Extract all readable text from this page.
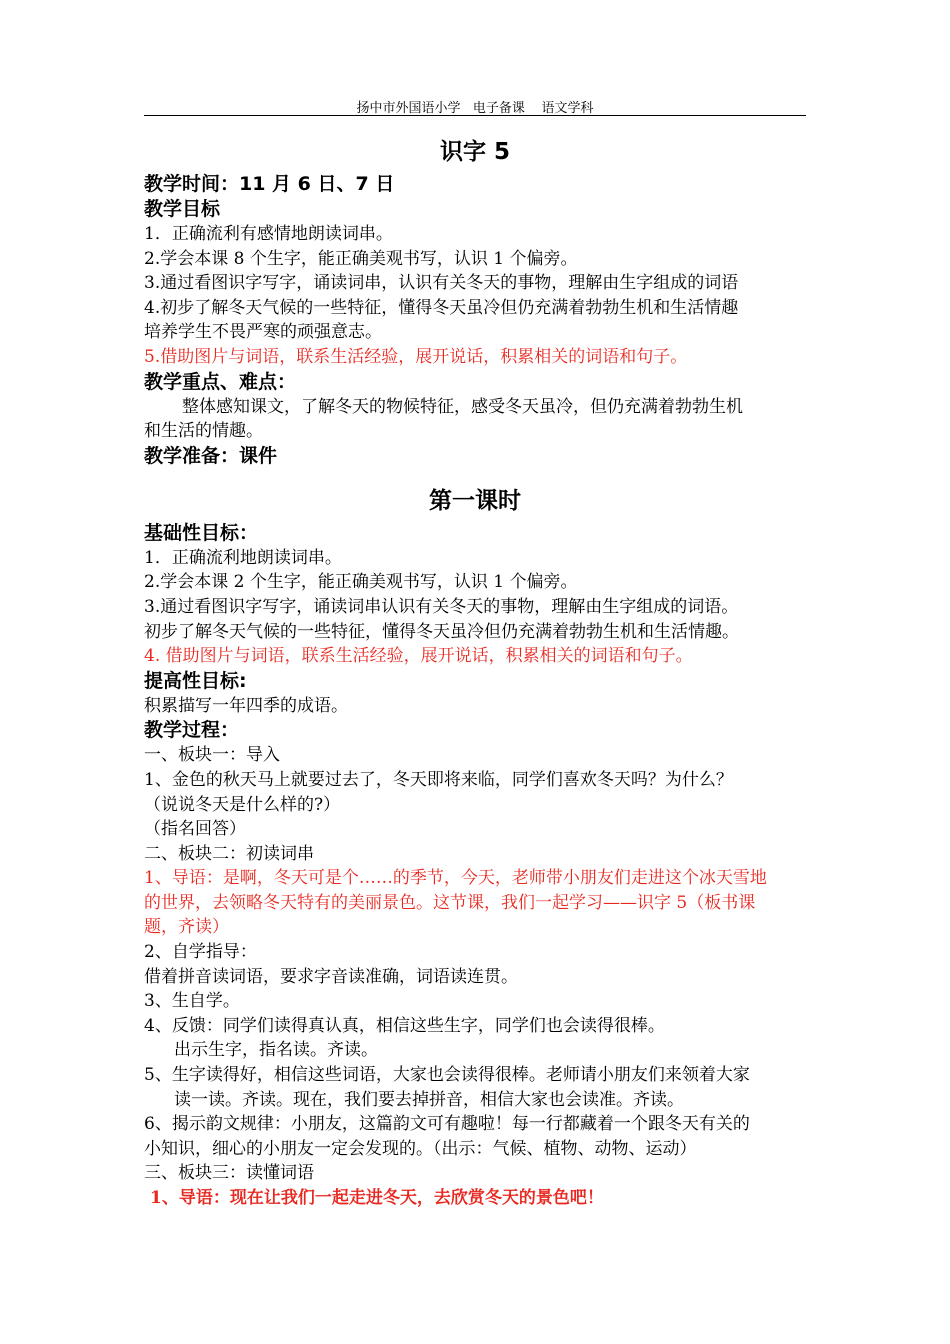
扬中市外国语小学   电子备课    语文学科
识字 5
教学时间：11 月 6 日、7 日
教学目标
1．正确流利有感情地朗读词串。
2.学会本课 8 个生字，能正确美观书写，认识 1 个偏旁。
3.通过看图识字写字，诵读词串，认识有关冬天的事物，理解由生字组成的词语
4.初步了解冬天气候的一些特征，懂得冬天虽冷但仍充满着勃勃生机和生活情趣
培养学生不畏严寒的顽强意志。
5.借助图片与词语，联系生活经验，展开说话，积累相关的词语和句子。
教学重点、难点：
整体感知课文，了解冬天的物候特征，感受冬天虽冷，但仍充满着勃勃生机
和生活的情趣。
教学准备：课件
第一课时
基础性目标：
1．正确流利地朗读词串。
2.学会本课 2 个生字，能正确美观书写，认识 1 个偏旁。
3.通过看图识字写字，诵读词串认识有关冬天的事物，理解由生字组成的词语。
初步了解冬天气候的一些特征，懂得冬天虽冷但仍充满着勃勃生机和生活情趣。
4. 借助图片与词语，联系生活经验，展开说话，积累相关的词语和句子。
提高性目标:
积累描写一年四季的成语。
教学过程：
一、板块一：导入
1、金色的秋天马上就要过去了，冬天即将来临，同学们喜欢冬天吗？为什么？
（说说冬天是什么样的?）
（指名回答）
二、板块二：初读词串
1、导语：是啊，冬天可是个……的季节，今天，老师带小朋友们走进这个冰天雪地
的世界，去领略冬天特有的美丽景色。这节课，我们一起学习——识字 5（板书课
题，齐读）
2、自学指导：
借着拼音读词语，要求字音读准确，词语读连贯。
3、生自学。
4、反馈：同学们读得真认真，相信这些生字，同学们也会读得很棒。
出示生字，指名读。齐读。
5、生字读得好，相信这些词语，大家也会读得很棒。老师请小朋友们来领着大家
读一读。齐读。现在，我们要去掉拼音，相信大家也会读准。齐读。
6、揭示韵文规律：小朋友，这篇韵文可有趣啦！每一行都藏着一个跟冬天有关的
小知识，细心的小朋友一定会发现的。（出示：气候、植物、动物、运动）
三、板块三：读懂词语
1、导语：现在让我们一起走进冬天，去欣赏冬天的景色吧！
